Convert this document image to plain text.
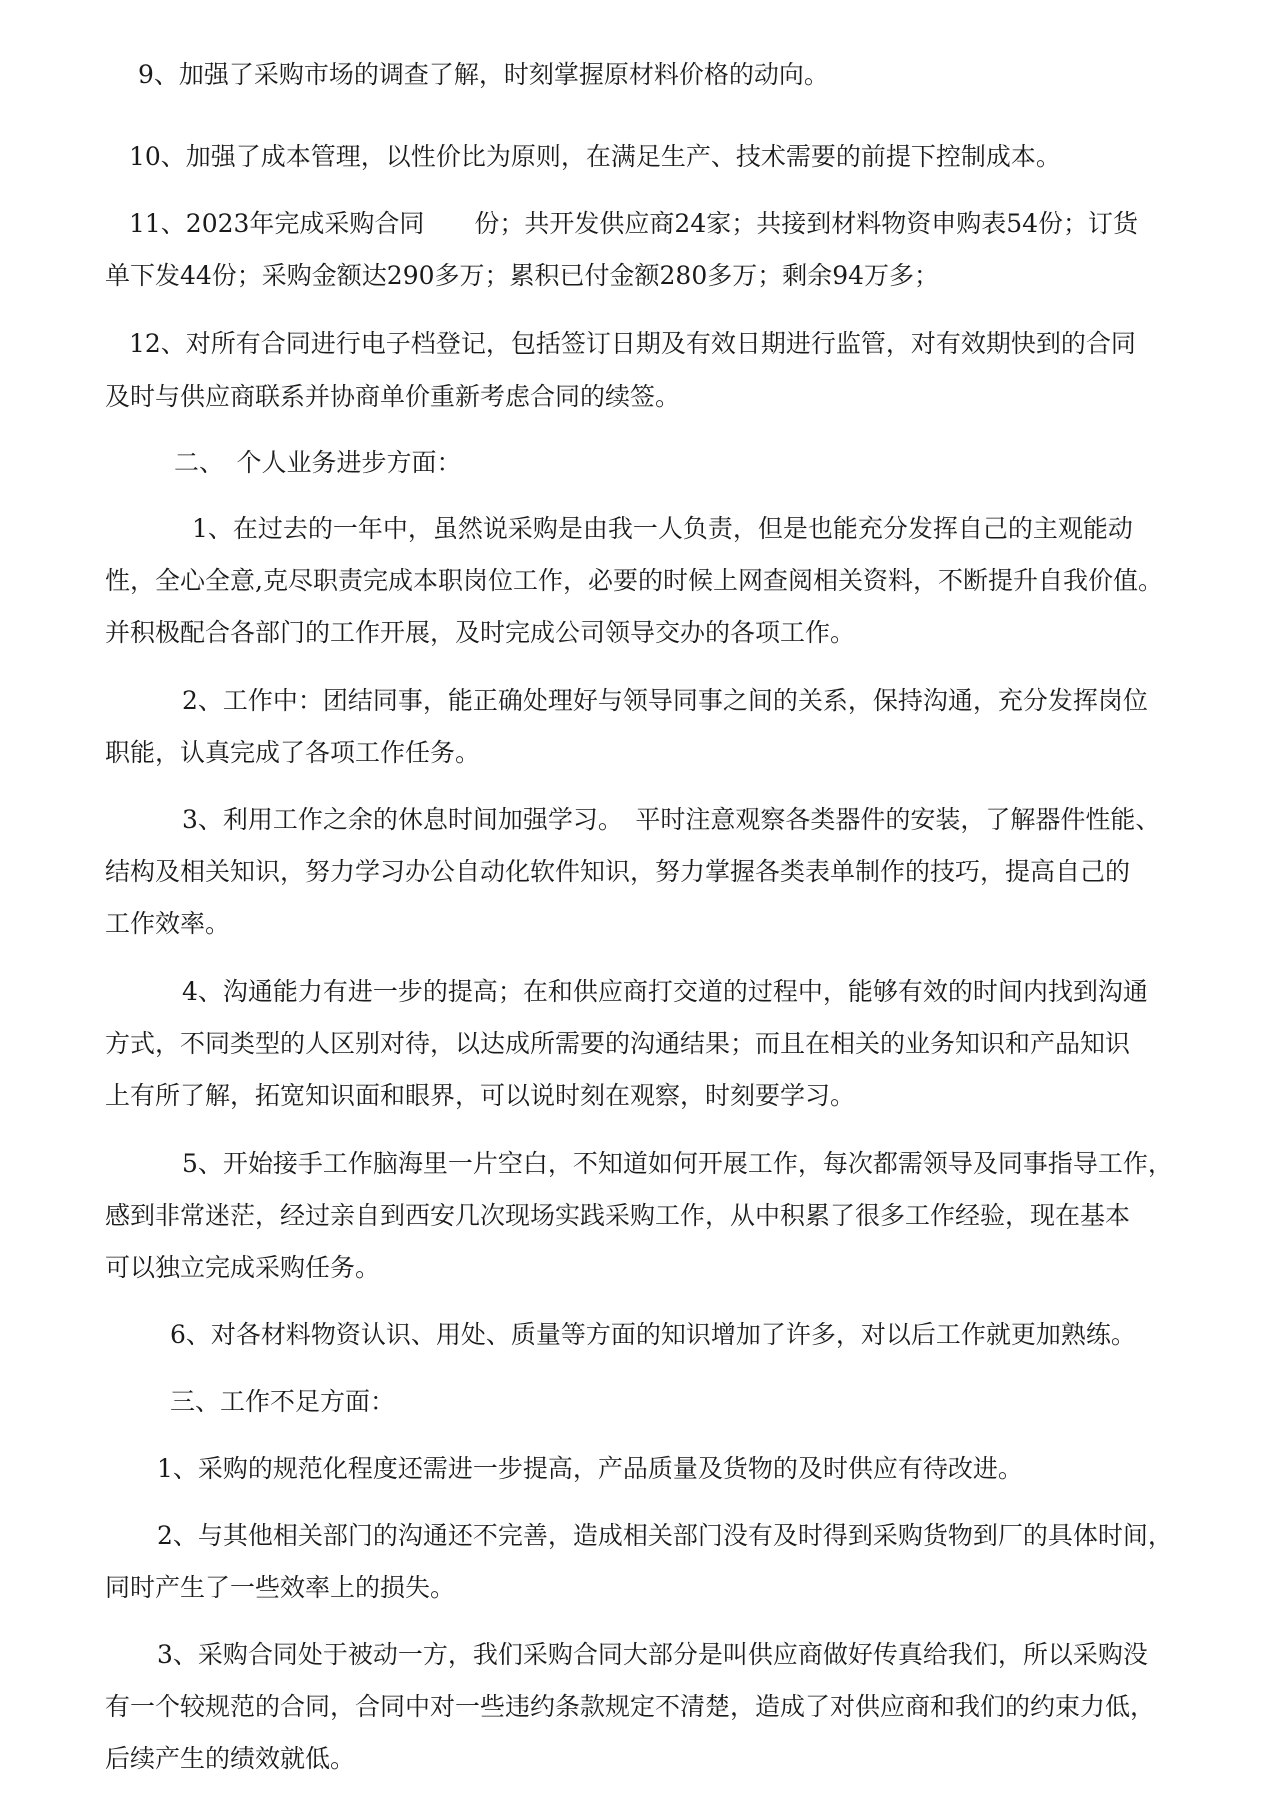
9、加强了采购市场的调查了解，时刻掌握原材料价格的动向。
10、加强了成本管理，以性价比为原则，在满足生产、技术需要的前提下控制成本。
11、2023年完成采购合同　　份；共开发供应商24家；共接到材料物资申购表54份；订货
单下发44份；采购金额达290多万；累积已付金额280多万；剩余94万多；
12、对所有合同进行电子档登记，包括签订日期及有效日期进行监管，对有效期快到的合同
及时与供应商联系并协商单价重新考虑合同的续签。
二、　个人业务进步方面：
1、在过去的一年中，虽然说采购是由我一人负责，但是也能充分发挥自己的主观能动
性，全心全意,克尽职责完成本职岗位工作，必要的时候上网查阅相关资料，不断提升自我价值。
并积极配合各部门的工作开展，及时完成公司领导交办的各项工作。
2、工作中：团结同事，能正确处理好与领导同事之间的关系，保持沟通，充分发挥岗位
职能，认真完成了各项工作任务。
3、利用工作之余的休息时间加强学习。　平时注意观察各类器件的安装，了解器件性能、
结构及相关知识，努力学习办公自动化软件知识，努力掌握各类表单制作的技巧，提高自己的
工作效率。
4、沟通能力有进一步的提高；在和供应商打交道的过程中，能够有效的时间内找到沟通
方式，不同类型的人区别对待，以达成所需要的沟通结果；而且在相关的业务知识和产品知识
上有所了解，拓宽知识面和眼界，可以说时刻在观察，时刻要学习。
5、开始接手工作脑海里一片空白，不知道如何开展工作，每次都需领导及同事指导工作，
感到非常迷茫，经过亲自到西安几次现场实践采购工作，从中积累了很多工作经验，现在基本
可以独立完成采购任务。
6、对各材料物资认识、用处、质量等方面的知识增加了许多，对以后工作就更加熟练。
三、工作不足方面：
1、采购的规范化程度还需进一步提高，产品质量及货物的及时供应有待改进。
2、与其他相关部门的沟通还不完善，造成相关部门没有及时得到采购货物到厂的具体时间，
同时产生了一些效率上的损失。
3、采购合同处于被动一方，我们采购合同大部分是叫供应商做好传真给我们，所以采购没
有一个较规范的合同，合同中对一些违约条款规定不清楚，造成了对供应商和我们的约束力低，
后续产生的绩效就低。
